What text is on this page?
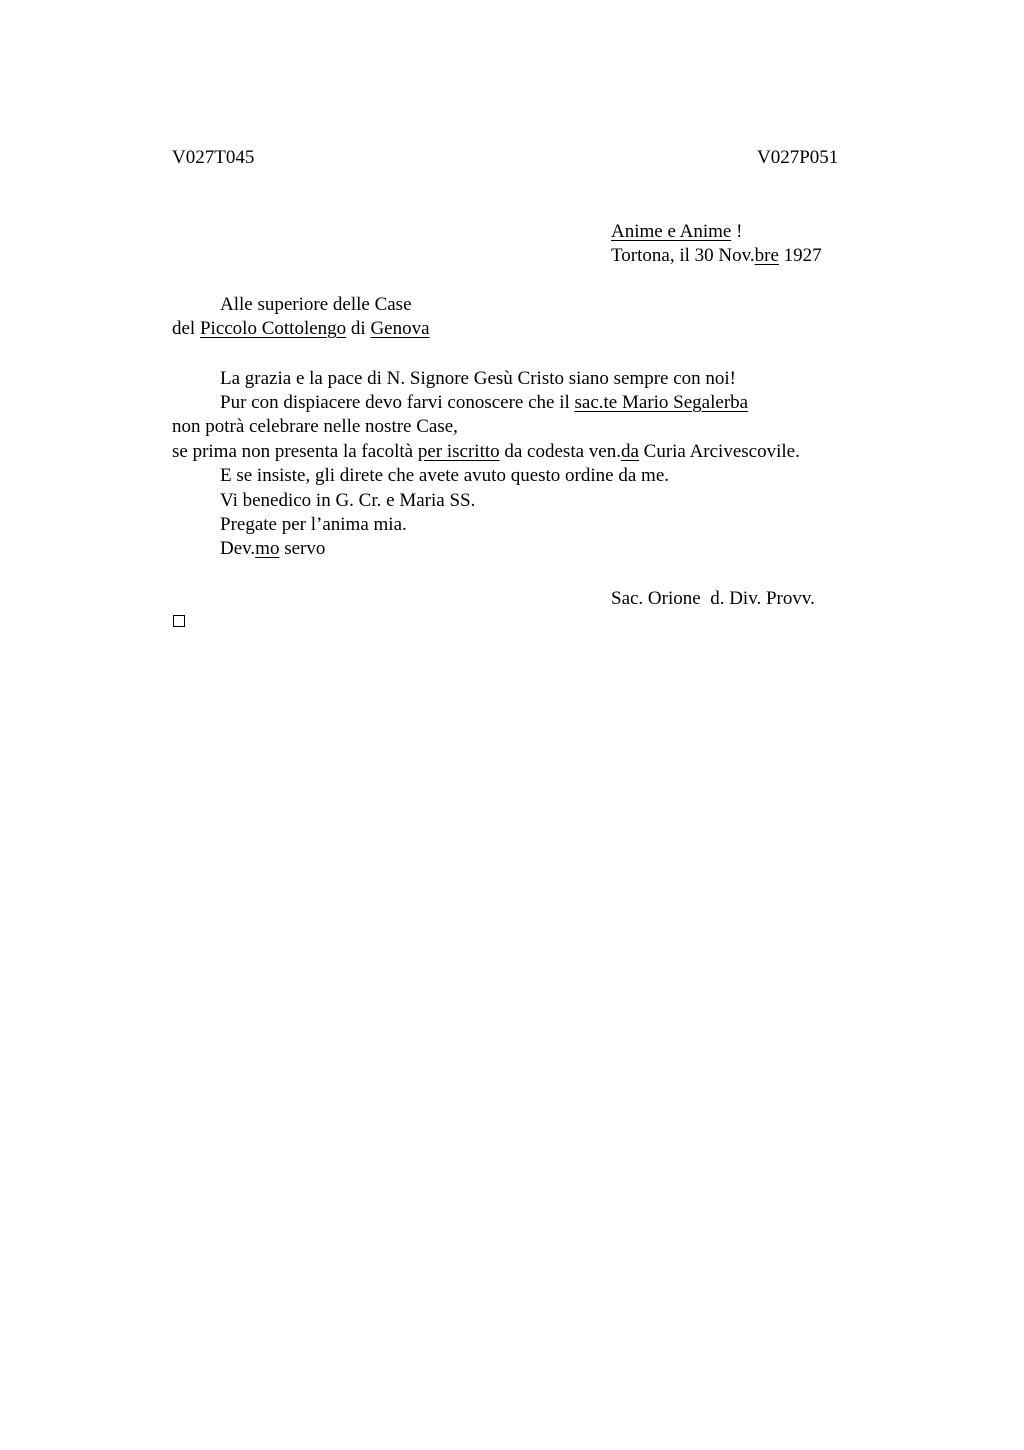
V027T045	V027P051
Anime e Anime !
Tortona, il 30 Nov.bre 1927
Alle superiore delle Case
del Piccolo Cottolengo di Genova
La grazia e la pace di N. Signore Gesù Cristo siano sempre con noi!
Pur con dispiacere devo farvi conoscere che il sac.te Mario Segalerba
non potrà celebrare nelle nostre Case,
se prima non presenta la facoltà per iscritto da codesta ven.da Curia Arcivescovile.
E se insiste, gli direte che avete avuto questo ordine da me.
Vi benedico in G. Cr. e Maria SS.
Pregate per l’anima mia.
Dev.mo servo
Sac. Orione  d. Div. Provv.
